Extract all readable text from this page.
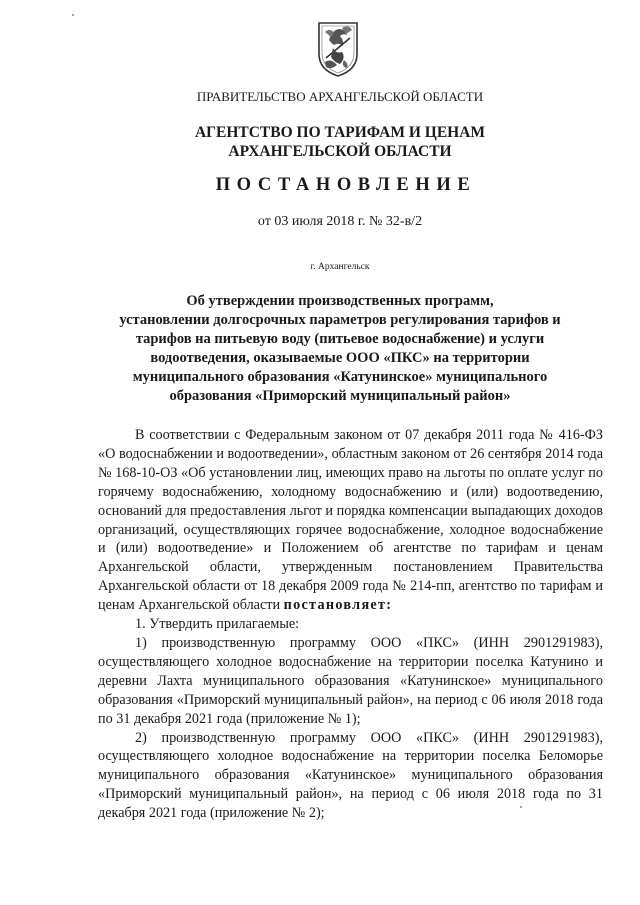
ПРАВИТЕЛЬСТВО АРХАНГЕЛЬСКОЙ ОБЛАСТИ
АГЕНТСТВО ПО ТАРИФАМ И ЦЕНАМ
АРХАНГЕЛЬСКОЙ ОБЛАСТИ
ПОСТАНОВЛЕНИЕ
от 03 июля 2018 г. № 32-в/2
г. Архангельск
Об утверждении производственных программ,
установлении долгосрочных параметров регулирования тарифов и
тарифов на питьевую воду (питьевое водоснабжение) и услуги
водоотведения, оказываемые ООО «ПКС» на территории
муниципального образования «Катунинское» муниципального
образования «Приморский муниципальный район»

В соответствии с Федеральным законом от 07 декабря 2011 года № 416-ФЗ «О водоснабжении и водоотведении», областным законом от 26 сентября 2014 года № 168-10-ОЗ «Об установлении лиц, имеющих право на льготы по оплате услуг по горячему водоснабжению, холодному водоснабжению и (или) водоотведению, оснований для предоставления льгот и порядка компенсации выпадающих доходов организаций, осуществляющих горячее водоснабжение, холодное водоснабжение и (или) водоотведение» и Положением об агентстве по тарифам и ценам Архангельской области, утвержденным постановлением Правительства Архангельской области от 18 декабря 2009 года № 214-пп, агентство по тарифам и ценам Архангельской области постановляет:

1. Утвердить прилагаемые:

1) производственную программу ООО «ПКС» (ИНН 2901291983), осуществляющего холодное водоснабжение на территории поселка Катунино и деревни Лахта муниципального образования «Катунинское» муниципального образования «Приморский муниципальный район», на период с 06 июля 2018 года по 31 декабря 2021 года (приложение № 1);

2) производственную программу ООО «ПКС» (ИНН 2901291983), осуществляющего холодное водоснабжение на территории поселка Беломорье муниципального образования «Катунинское» муниципального образования «Приморский муниципальный район», на период с 06 июля 2018 года по 31 декабря 2021 года (приложение № 2);
